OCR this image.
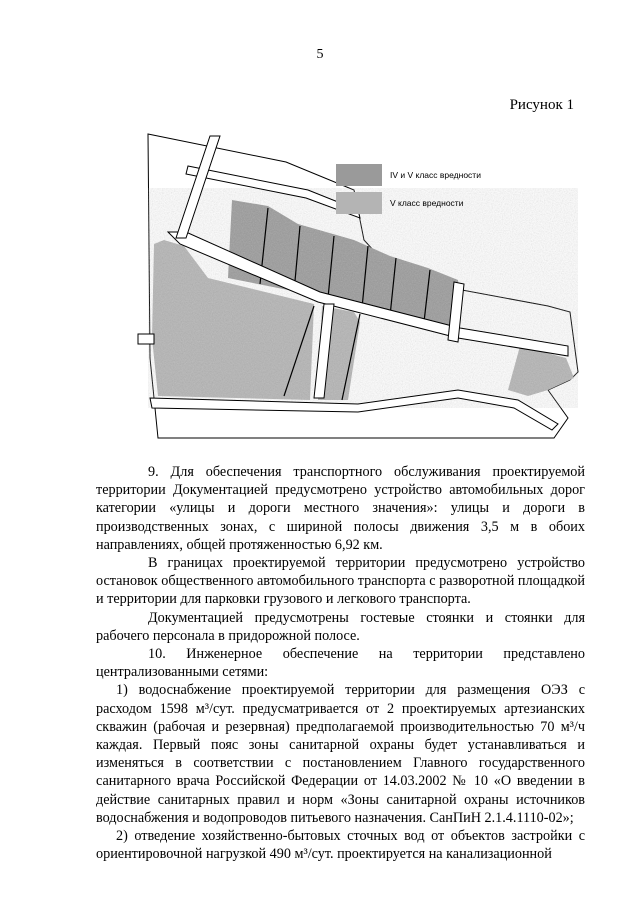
5
Рисунок 1
IV и V класс вредности
V класс вредности

9. Для обеспечения транспортного обслуживания проектируемой территории Документацией предусмотрено устройство автомобильных дорог категории «улицы и дороги местного значения»: улицы и дороги в производственных зонах, с шириной полосы движения 3,5 м в обоих направлениях, общей протяженностью 6,92 км.

В границах проектируемой территории предусмотрено устройство остановок общественного автомобильного транспорта с разворотной площадкой и территории для парковки грузового и легкового транспорта.

Документацией предусмотрены гостевые стоянки и стоянки для рабочего персонала в придорожной полосе.

10. Инженерное обеспечение на территории представлено централизованными сетями:

1) водоснабжение проектируемой территории для размещения ОЭЗ с расходом 1598 м³/сут. предусматривается от 2 проектируемых артезианских скважин (рабочая и резервная) предполагаемой производительностью 70 м³/ч каждая. Первый пояс зоны санитарной охраны будет устанавливаться и изменяться в соответствии с постановлением Главного государственного санитарного врача Российской Федерации от 14.03.2002 № 10 «О введении в действие санитарных правил и норм «Зоны санитарной охраны источников водоснабжения и водопроводов питьевого назначения. СанПиН 2.1.4.1110-02»;

2) отведение хозяйственно-бытовых сточных вод от объектов застройки с ориентировочной нагрузкой 490 м³/сут. проектируется на канализационной
